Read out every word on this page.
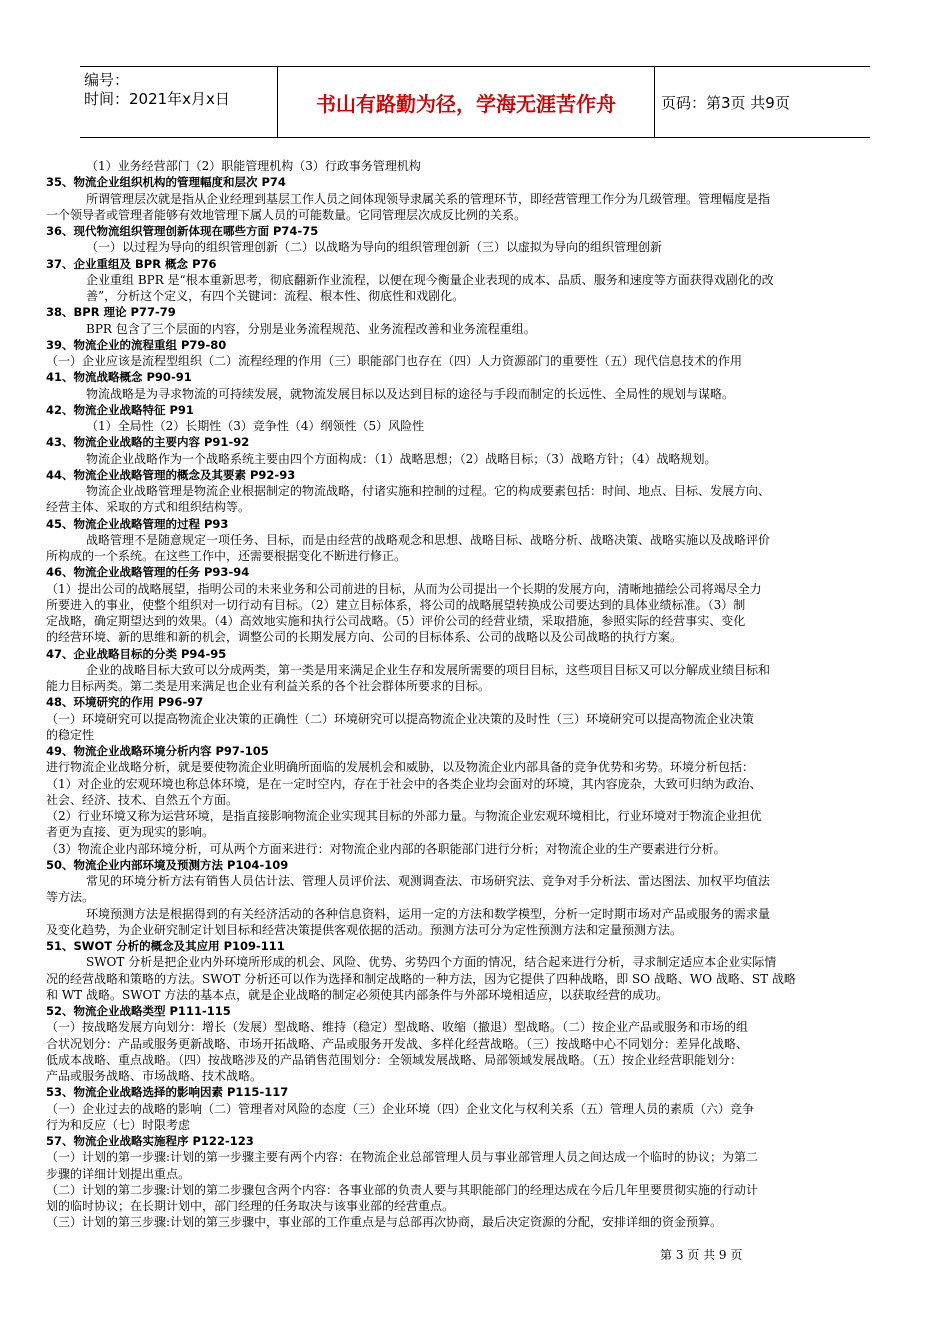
编号：
时间：2021年x月x日	书山有路勤为径，学海无涯苦作舟	页码：第3页 共9页

（1）业务经营部门（2）职能管理机构（3）行政事务管理机构

35、物流企业组织机构的管理幅度和层次 P74

所谓管理层次就是指从企业经理到基层工作人员之间体现领导隶属关系的管理环节，即经营管理工作分为几级管理。管理幅度是指

一个领导者或管理者能够有效地管理下属人员的可能数量。它同管理层次成反比例的关系。

36、现代物流组织管理创新体现在哪些方面 P74-75

（一）以过程为导向的组织管理创新（二）以战略为导向的组织管理创新（三）以虚拟为导向的组织管理创新

37、企业重组及 BPR 概念 P76

企业重组 BPR 是“根本重新思考，彻底翻新作业流程，以便在现今衡量企业表现的成本、品质、服务和速度等方面获得戏剧化的改

善”，分析这个定义，有四个关键词：流程、根本性、彻底性和戏剧化。

38、BPR 理论 P77-79

BPR 包含了三个层面的内容，分别是业务流程规范、业务流程改善和业务流程重组。

39、物流企业的流程重组 P79-80

（一）企业应该是流程型组织（二）流程经理的作用（三）职能部门也存在（四）人力资源部门的重要性（五）现代信息技术的作用

41、物流战略概念 P90-91

物流战略是为寻求物流的可持续发展，就物流发展目标以及达到目标的途径与手段而制定的长远性、全局性的规划与谋略。

42、物流企业战略特征 P91

（1）全局性（2）长期性（3）竞争性（4）纲领性（5）风险性

43、物流企业战略的主要内容 P91-92

物流企业战略作为一个战略系统主要由四个方面构成：（1）战略思想；（2）战略目标；（3）战略方针；（4）战略规划。

44、物流企业战略管理的概念及其要素 P92-93

物流企业战略管理是物流企业根据制定的物流战略，付诸实施和控制的过程。它的构成要素包括：时间、地点、目标、发展方向、

经营主体、采取的方式和组织结构等。

45、物流企业战略管理的过程 P93

战略管理不是随意规定一项任务、目标，而是由经营的战略观念和思想、战略目标、战略分析、战略决策、战略实施以及战略评价

所构成的一个系统。在这些工作中，还需要根据变化不断进行修正。

46、物流企业战略管理的任务 P93-94

（1）提出公司的战略展望，指明公司的未来业务和公司前进的目标，从而为公司提出一个长期的发展方向，清晰地描绘公司将竭尽全力

所要进入的事业，使整个组织对一切行动有目标。（2）建立目标体系，将公司的战略展望转换成公司要达到的具体业绩标准。（3）制

定战略，确定期望达到的效果。（4）高效地实施和执行公司战略。（5）评价公司的经营业绩，采取措施，参照实际的经营事实、变化

的经营环境、新的思维和新的机会，调整公司的长期发展方向、公司的目标体系、公司的战略以及公司战略的执行方案。

47、企业战略目标的分类 P94-95

企业的战略目标大致可以分成两类，第一类是用来满足企业生存和发展所需要的项目目标，这些项目目标又可以分解成业绩目标和

能力目标两类。第二类是用来满足也企业有利益关系的各个社会群体所要求的目标。

48、环境研究的作用 P96-97

（一）环境研究可以提高物流企业决策的正确性（二）环境研究可以提高物流企业决策的及时性（三）环境研究可以提高物流企业决策

的稳定性

49、物流企业战略环境分析内容 P97-105

进行物流企业战略分析，就是要使物流企业明确所面临的发展机会和威胁，以及物流企业内部具备的竞争优势和劣势。环境分析包括：

（1）对企业的宏观环境也称总体环境，是在一定时空内，存在于社会中的各类企业均会面对的环境，其内容庞杂，大致可归纳为政治、

社会、经济、技术、自然五个方面。

（2）行业环境又称为运营环境，是指直接影响物流企业实现其目标的外部力量。与物流企业宏观环境相比，行业环境对于物流企业担优

者更为直接、更为现实的影响。

（3）物流企业内部环境分析，可从两个方面来进行：对物流企业内部的各职能部门进行分析；对物流企业的生产要素进行分析。

50、物流企业内部环境及预测方法 P104-109

常见的环境分析方法有销售人员估计法、管理人员评价法、观测调查法、市场研究法、竞争对手分析法、雷达图法、加权平均值法

等方法。

环境预测方法是根据得到的有关经济活动的各种信息资料，运用一定的方法和数学模型，分析一定时期市场对产品或服务的需求量

及变化趋势，为企业研究制定计划目标和经营决策提供客观依据的活动。预测方法可分为定性预测方法和定量预测方法。

51、SWOT 分析的概念及其应用 P109-111

SWOT 分析是把企业内外环境所形成的机会、风险、优势、劣势四个方面的情况，结合起来进行分析，寻求制定适应本企业实际情

况的经营战略和策略的方法。SWOT 分析还可以作为选择和制定战略的一种方法，因为它提供了四种战略，即 SO 战略、WO 战略、ST 战略

和 WT 战略。SWOT 方法的基本点，就是企业战略的制定必须使其内部条件与外部环境相适应，以获取经营的成功。

52、物流企业战略类型 P111-115

（一）按战略发展方向划分：增长（发展）型战略、维持（稳定）型战略、收缩（撤退）型战略。（二）按企业产品或服务和市场的组

合状况划分：产品或服务更新战略、市场开拓战略、产品或服务开发战、多样化经营战略。（三）按战略中心不同划分：差异化战略、

低成本战略、重点战略。（四）按战略涉及的产品销售范围划分：全领域发展战略、局部领域发展战略。（五）按企业经营职能划分：

产品或服务战略、市场战略、技术战略。

53、物流企业战略选择的影响因素 P115-117

（一）企业过去的战略的影响（二）管理者对风险的态度（三）企业环境（四）企业文化与权利关系（五）管理人员的素质（六）竞争

行为和反应（七）时限考虑

57、物流企业战略实施程序 P122-123

（一）计划的第一步骤:计划的第一步骤主要有两个内容：在物流企业总部管理人员与事业部管理人员之间达成一个临时的协议；为第二

步骤的详细计划提出重点。

（二）计划的第二步骤:计划的第二步骤包含两个内容：各事业部的负责人要与其职能部门的经理达成在今后几年里要贯彻实施的行动计

划的临时协议；在长期计划中，部门经理的任务取决与该事业部的经营重点。

（三）计划的第三步骤:计划的第三步骤中，事业部的工作重点是与总部再次协商，最后决定资源的分配，安排详细的资金预算。

第 3 页 共 9 页
